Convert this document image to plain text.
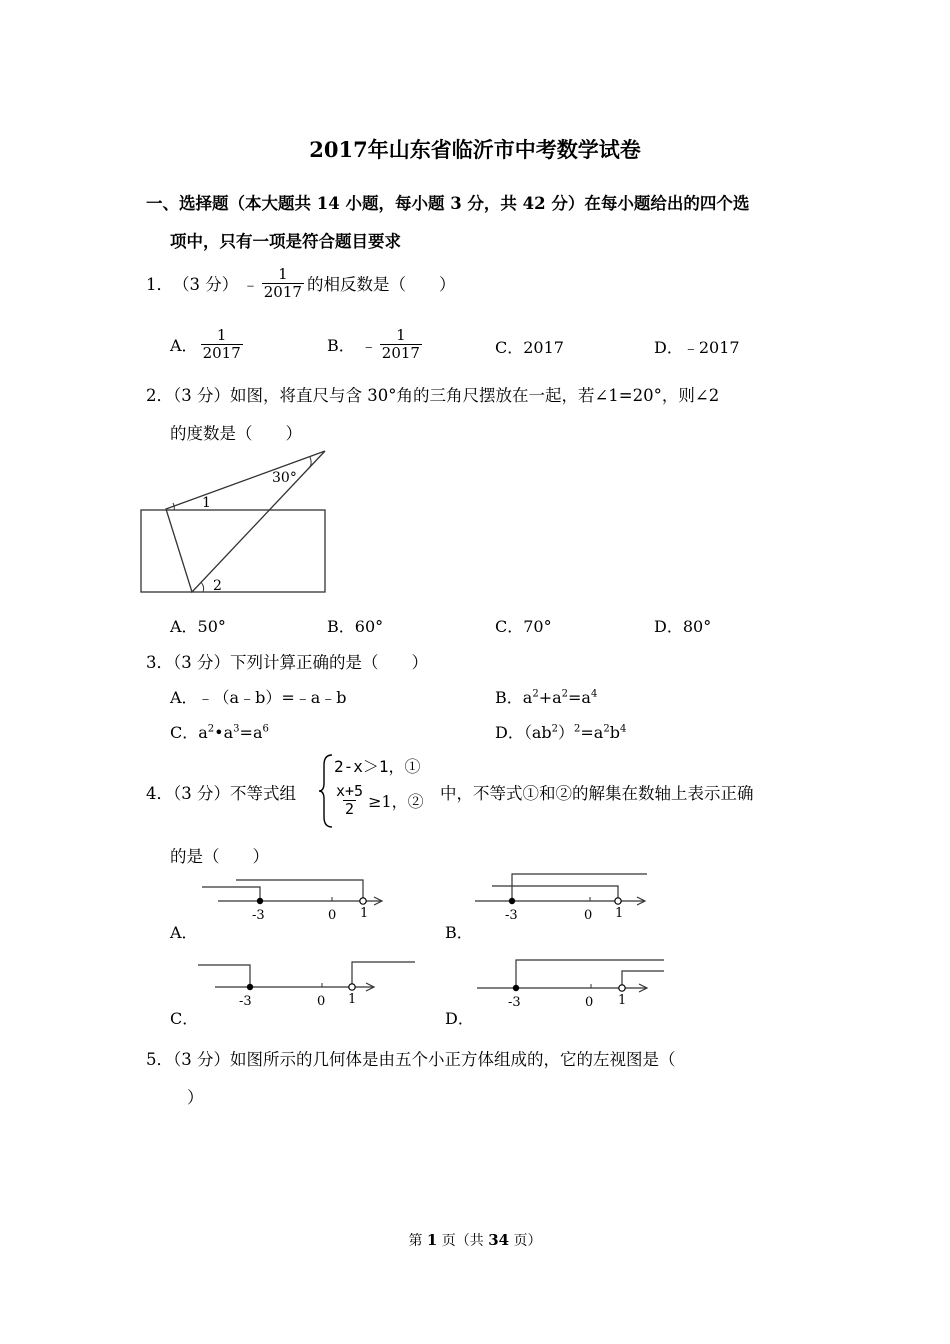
2017年山东省临沂市中考数学试卷
一、选择题（本大题共 14 小题，每小题 3 分，共 42 分）在每小题给出的四个选
项中，只有一项是符合题目要求
1． （3 分） ﹣ $\frac{1}{2017}$ 的相反数是（　　）
A． $\frac{1}{2017}$	B． ﹣ $\frac{1}{2017}$	C．2017	D．﹣2017
2．（3 分）如图，将直尺与含 30°角的三角尺摆放在一起，若∠1=20°，则∠2
的度数是（　　）
30°
1
2
A．50°	B．60°	C．70°	D．80°
3．（3 分）下列计算正确的是（　　）
A．﹣（a﹣b）=﹣a﹣b	B．$a^2+a^2=a^4$
C．$a^2•a^3=a^6$	D．$(ab^2)^2=a^2b^4$
4．（3 分）不等式组
2-x＞1，①
$\frac{x+5}{2} \ge 1$，② 中，不等式①和②的解集在数轴上表示正确
的是（　　）
-3	0 1
A．
-3	0 1
B．
-3	0 1
C．
-3	0 1
D．
5．（3 分）如图所示的几何体是由五个小正方体组成的，它的左视图是（
）
第 1 页（共 34 页）
